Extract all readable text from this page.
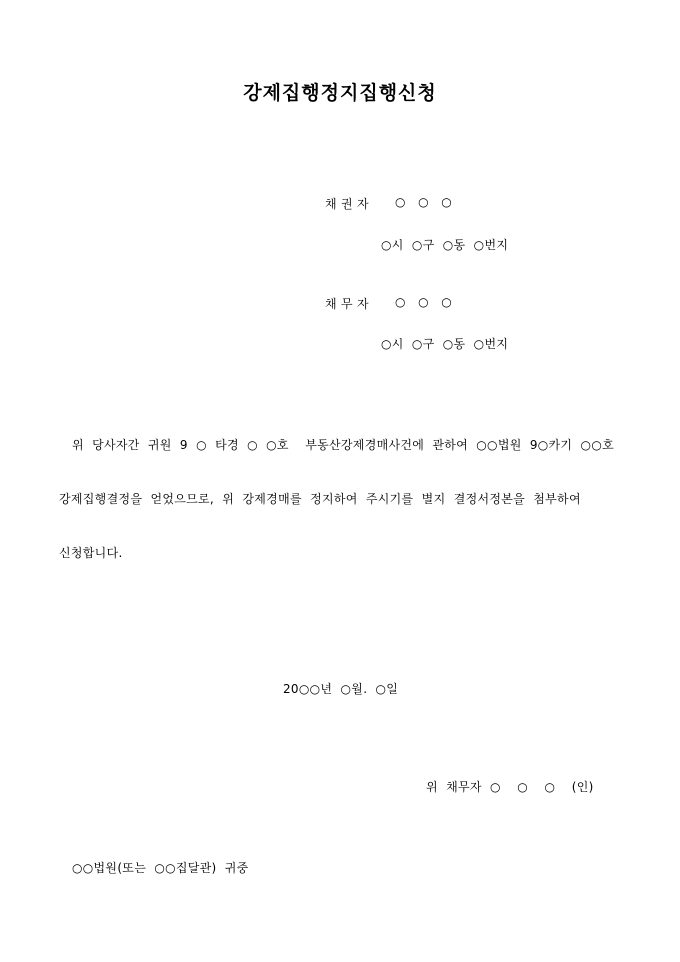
강제집행정지집행신청
채 권 자 ○   ○   ○
○시  ○구  ○동  ○번지
채 무 자 ○   ○   ○
○시  ○구  ○동  ○번지
위  당사자간  귀원  9  ○  타경  ○  ○호    부동산강제경매사건에  관하여  ○○법원  9○카기  ○○호
강제집행결정을  얻었으므로,  위  강제경매를  정지하여  주시기를  별지  결정서정본을  첨부하여
신청합니다.
20○○년  ○월.  ○일
위  채무자  ○    ○    ○    (인)
○○법원(또는  ○○집달관)  귀중
